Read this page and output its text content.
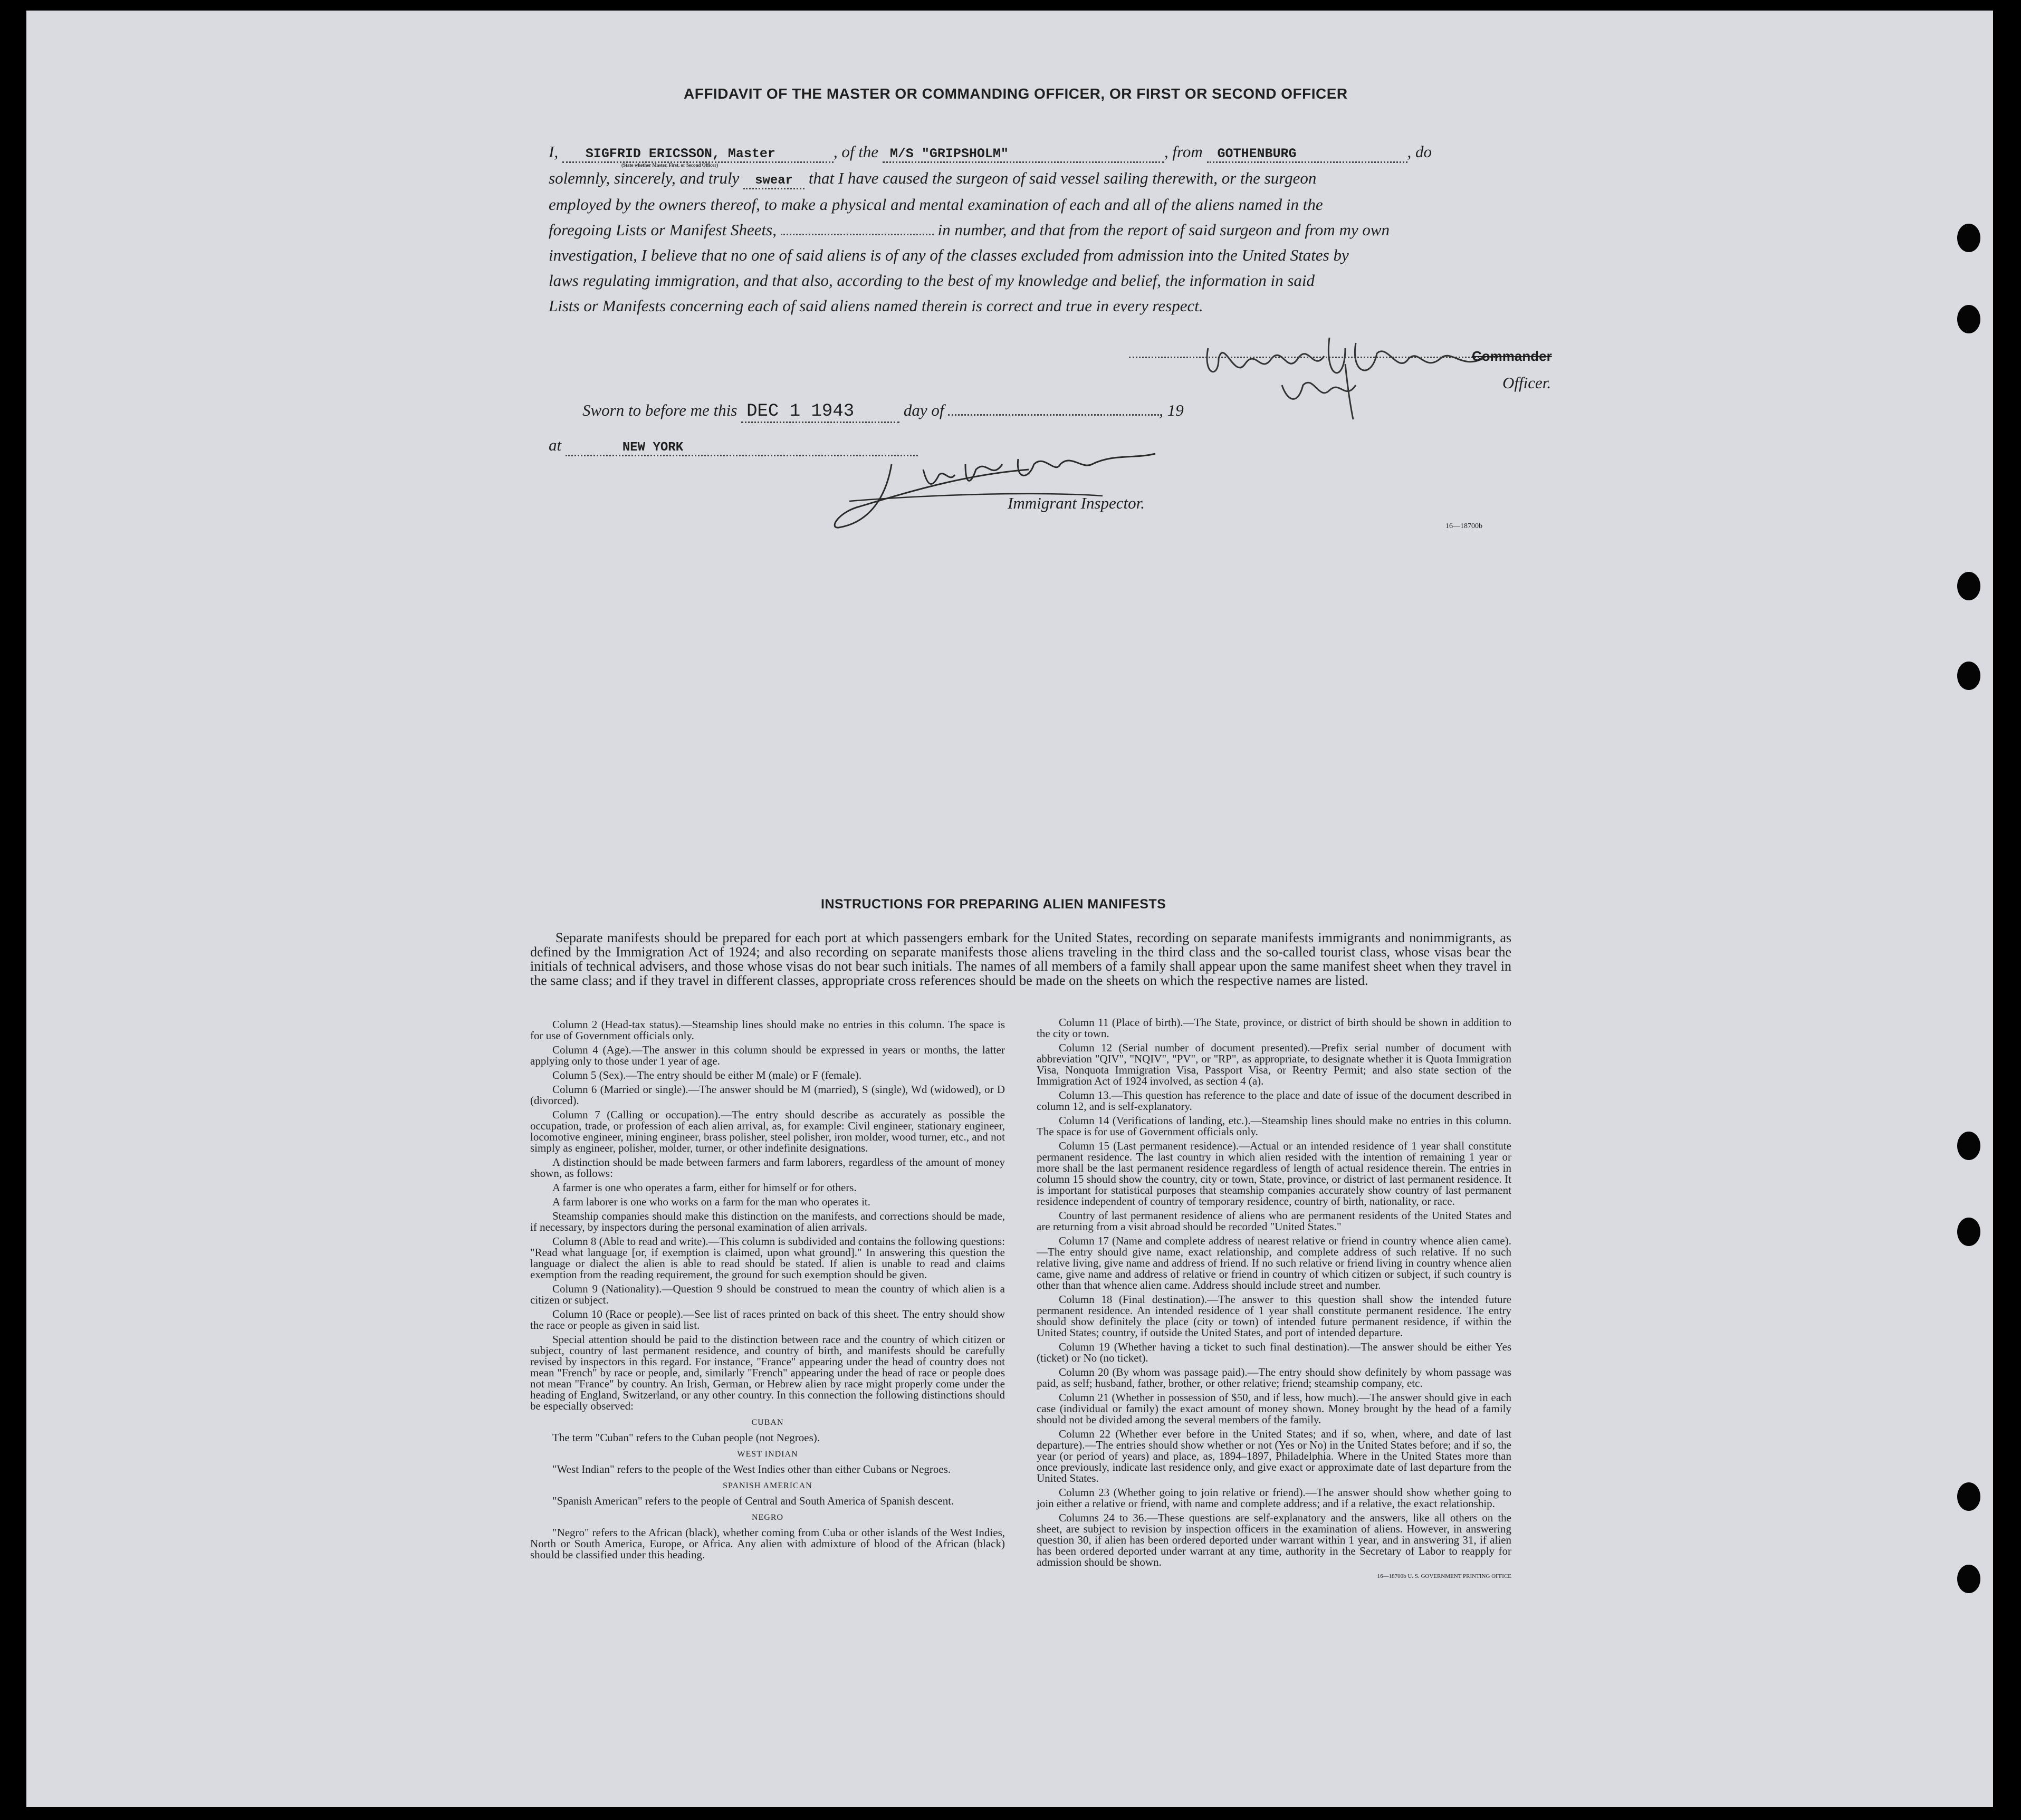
AFFIDAVIT OF THE MASTER OR COMMANDING OFFICER, OR FIRST OR SECOND OFFICER
I, SIGFRID ERICSSON, Master	, of the M/S "GRIPSHOLM"	, from GOTHENBURG	, do
(State whether Master, First, or Second Officer)
solemnly, sincerely, and truly swear that I have caused the surgeon of said vessel sailing therewith, or the surgeon
employed by the owners thereof, to make a physical and mental examination of each and all of the aliens named in the
foregoing Lists or Manifest Sheets,	in number, and that from the report of said surgeon and from my own
investigation, I believe that no one of said aliens is of any of the classes excluded from admission into the United States by
laws regulating immigration, and that also, according to the best of my knowledge and belief, the information in said
Lists or Manifests concerning each of said aliens named therein is correct and true in every respect.
Commander
Officer.
Sworn to before me this DEC 1 1943	day of	, 19
at	NEW YORK
Immigrant Inspector.
16—18700b
INSTRUCTIONS FOR PREPARING ALIEN MANIFESTS
Separate manifests should be prepared for each port at which passengers embark for the United States, recording on separate manifests immigrants and nonimmigrants, as defined by the Immigration Act of 1924; and also recording on separate manifests those aliens traveling in the third class and the so-called tourist class, whose visas bear the initials of technical advisers, and those whose visas do not bear such initials. The names of all members of a family shall appear upon the same manifest sheet when they travel in the same class; and if they travel in different classes, appropriate cross references should be made on the sheets on which the respective names are listed.

Column 2 (Head-tax status).—Steamship lines should make no entries in this column. The space is for use of Government officials only.

Column 4 (Age).—The answer in this column should be expressed in years or months, the latter applying only to those under 1 year of age.

Column 5 (Sex).—The entry should be either M (male) or F (female).

Column 6 (Married or single).—The answer should be M (married), S (single), Wd (widowed), or D (divorced).

Column 7 (Calling or occupation).—The entry should describe as accurately as possible the occupation, trade, or profession of each alien arrival, as, for example: Civil engineer, stationary engineer, locomotive engineer, mining engineer, brass polisher, steel polisher, iron molder, wood turner, etc., and not simply as engineer, polisher, molder, turner, or other indefinite designations.

A distinction should be made between farmers and farm laborers, regardless of the amount of money shown, as follows:

A farmer is one who operates a farm, either for himself or for others.

A farm laborer is one who works on a farm for the man who operates it.

Steamship companies should make this distinction on the manifests, and corrections should be made, if necessary, by inspectors during the personal examination of alien arrivals.

Column 8 (Able to read and write).—This column is subdivided and contains the following questions: "Read what language [or, if exemption is claimed, upon what ground]." In answering this question the language or dialect the alien is able to read should be stated. If alien is unable to read and claims exemption from the reading requirement, the ground for such exemption should be given.

Column 9 (Nationality).—Question 9 should be construed to mean the country of which alien is a citizen or subject.

Column 10 (Race or people).—See list of races printed on back of this sheet. The entry should show the race or people as given in said list.

Special attention should be paid to the distinction between race and the country of which citizen or subject, country of last permanent residence, and country of birth, and manifests should be carefully revised by inspectors in this regard. For instance, "France" appearing under the head of country does not mean "French" by race or people, and, similarly "French" appearing under the head of race or people does not mean "France" by country. An Irish, German, or Hebrew alien by race might properly come under the heading of England, Switzerland, or any other country. In this connection the following distinctions should be especially observed:

CUBAN

The term "Cuban" refers to the Cuban people (not Negroes).

WEST INDIAN

"West Indian" refers to the people of the West Indies other than either Cubans or Negroes.

SPANISH AMERICAN

"Spanish American" refers to the people of Central and South America of Spanish descent.

NEGRO

"Negro" refers to the African (black), whether coming from Cuba or other islands of the West Indies, North or South America, Europe, or Africa. Any alien with admixture of blood of the African (black) should be classified under this heading.

Column 11 (Place of birth).—The State, province, or district of birth should be shown in addition to the city or town.

Column 12 (Serial number of document presented).—Prefix serial number of document with abbreviation "QIV", "NQIV", "PV", or "RP", as appropriate, to designate whether it is Quota Immigration Visa, Nonquota Immigration Visa, Passport Visa, or Reentry Permit; and also state section of the Immigration Act of 1924 involved, as section 4 (a).

Column 13.—This question has reference to the place and date of issue of the document described in column 12, and is self-explanatory.

Column 14 (Verifications of landing, etc.).—Steamship lines should make no entries in this column. The space is for use of Government officials only.

Column 15 (Last permanent residence).—Actual or an intended residence of 1 year shall constitute permanent residence. The last country in which alien resided with the intention of remaining 1 year or more shall be the last permanent residence regardless of length of actual residence therein. The entries in column 15 should show the country, city or town, State, province, or district of last permanent residence. It is important for statistical purposes that steamship companies accurately show country of last permanent residence independent of country of temporary residence, country of birth, nationality, or race.

Country of last permanent residence of aliens who are permanent residents of the United States and are returning from a visit abroad should be recorded "United States."

Column 17 (Name and complete address of nearest relative or friend in country whence alien came).—The entry should give name, exact relationship, and complete address of such relative. If no such relative living, give name and address of friend. If no such relative or friend living in country whence alien came, give name and address of relative or friend in country of which citizen or subject, if such country is other than that whence alien came. Address should include street and number.

Column 18 (Final destination).—The answer to this question shall show the intended future permanent residence. An intended residence of 1 year shall constitute permanent residence. The entry should show definitely the place (city or town) of intended future permanent residence, if within the United States; country, if outside the United States, and port of intended departure.

Column 19 (Whether having a ticket to such final destination).—The answer should be either Yes (ticket) or No (no ticket).

Column 20 (By whom was passage paid).—The entry should show definitely by whom passage was paid, as self; husband, father, brother, or other relative; friend; steamship company, etc.

Column 21 (Whether in possession of $50, and if less, how much).—The answer should give in each case (individual or family) the exact amount of money shown. Money brought by the head of a family should not be divided among the several members of the family.

Column 22 (Whether ever before in the United States; and if so, when, where, and date of last departure).—The entries should show whether or not (Yes or No) in the United States before; and if so, the year (or period of years) and place, as, 1894–1897, Philadelphia. Where in the United States more than once previously, indicate last residence only, and give exact or approximate date of last departure from the United States.

Column 23 (Whether going to join relative or friend).—The answer should show whether going to join either a relative or friend, with name and complete address; and if a relative, the exact relationship.

Columns 24 to 36.—These questions are self-explanatory and the answers, like all others on the sheet, are subject to revision by inspection officers in the examination of aliens. However, in answering question 30, if alien has been ordered deported under warrant within 1 year, and in answering 31, if alien has been ordered deported under warrant at any time, authority in the Secretary of Labor to reapply for admission should be shown.

16—18700b U. S. GOVERNMENT PRINTING OFFICE
